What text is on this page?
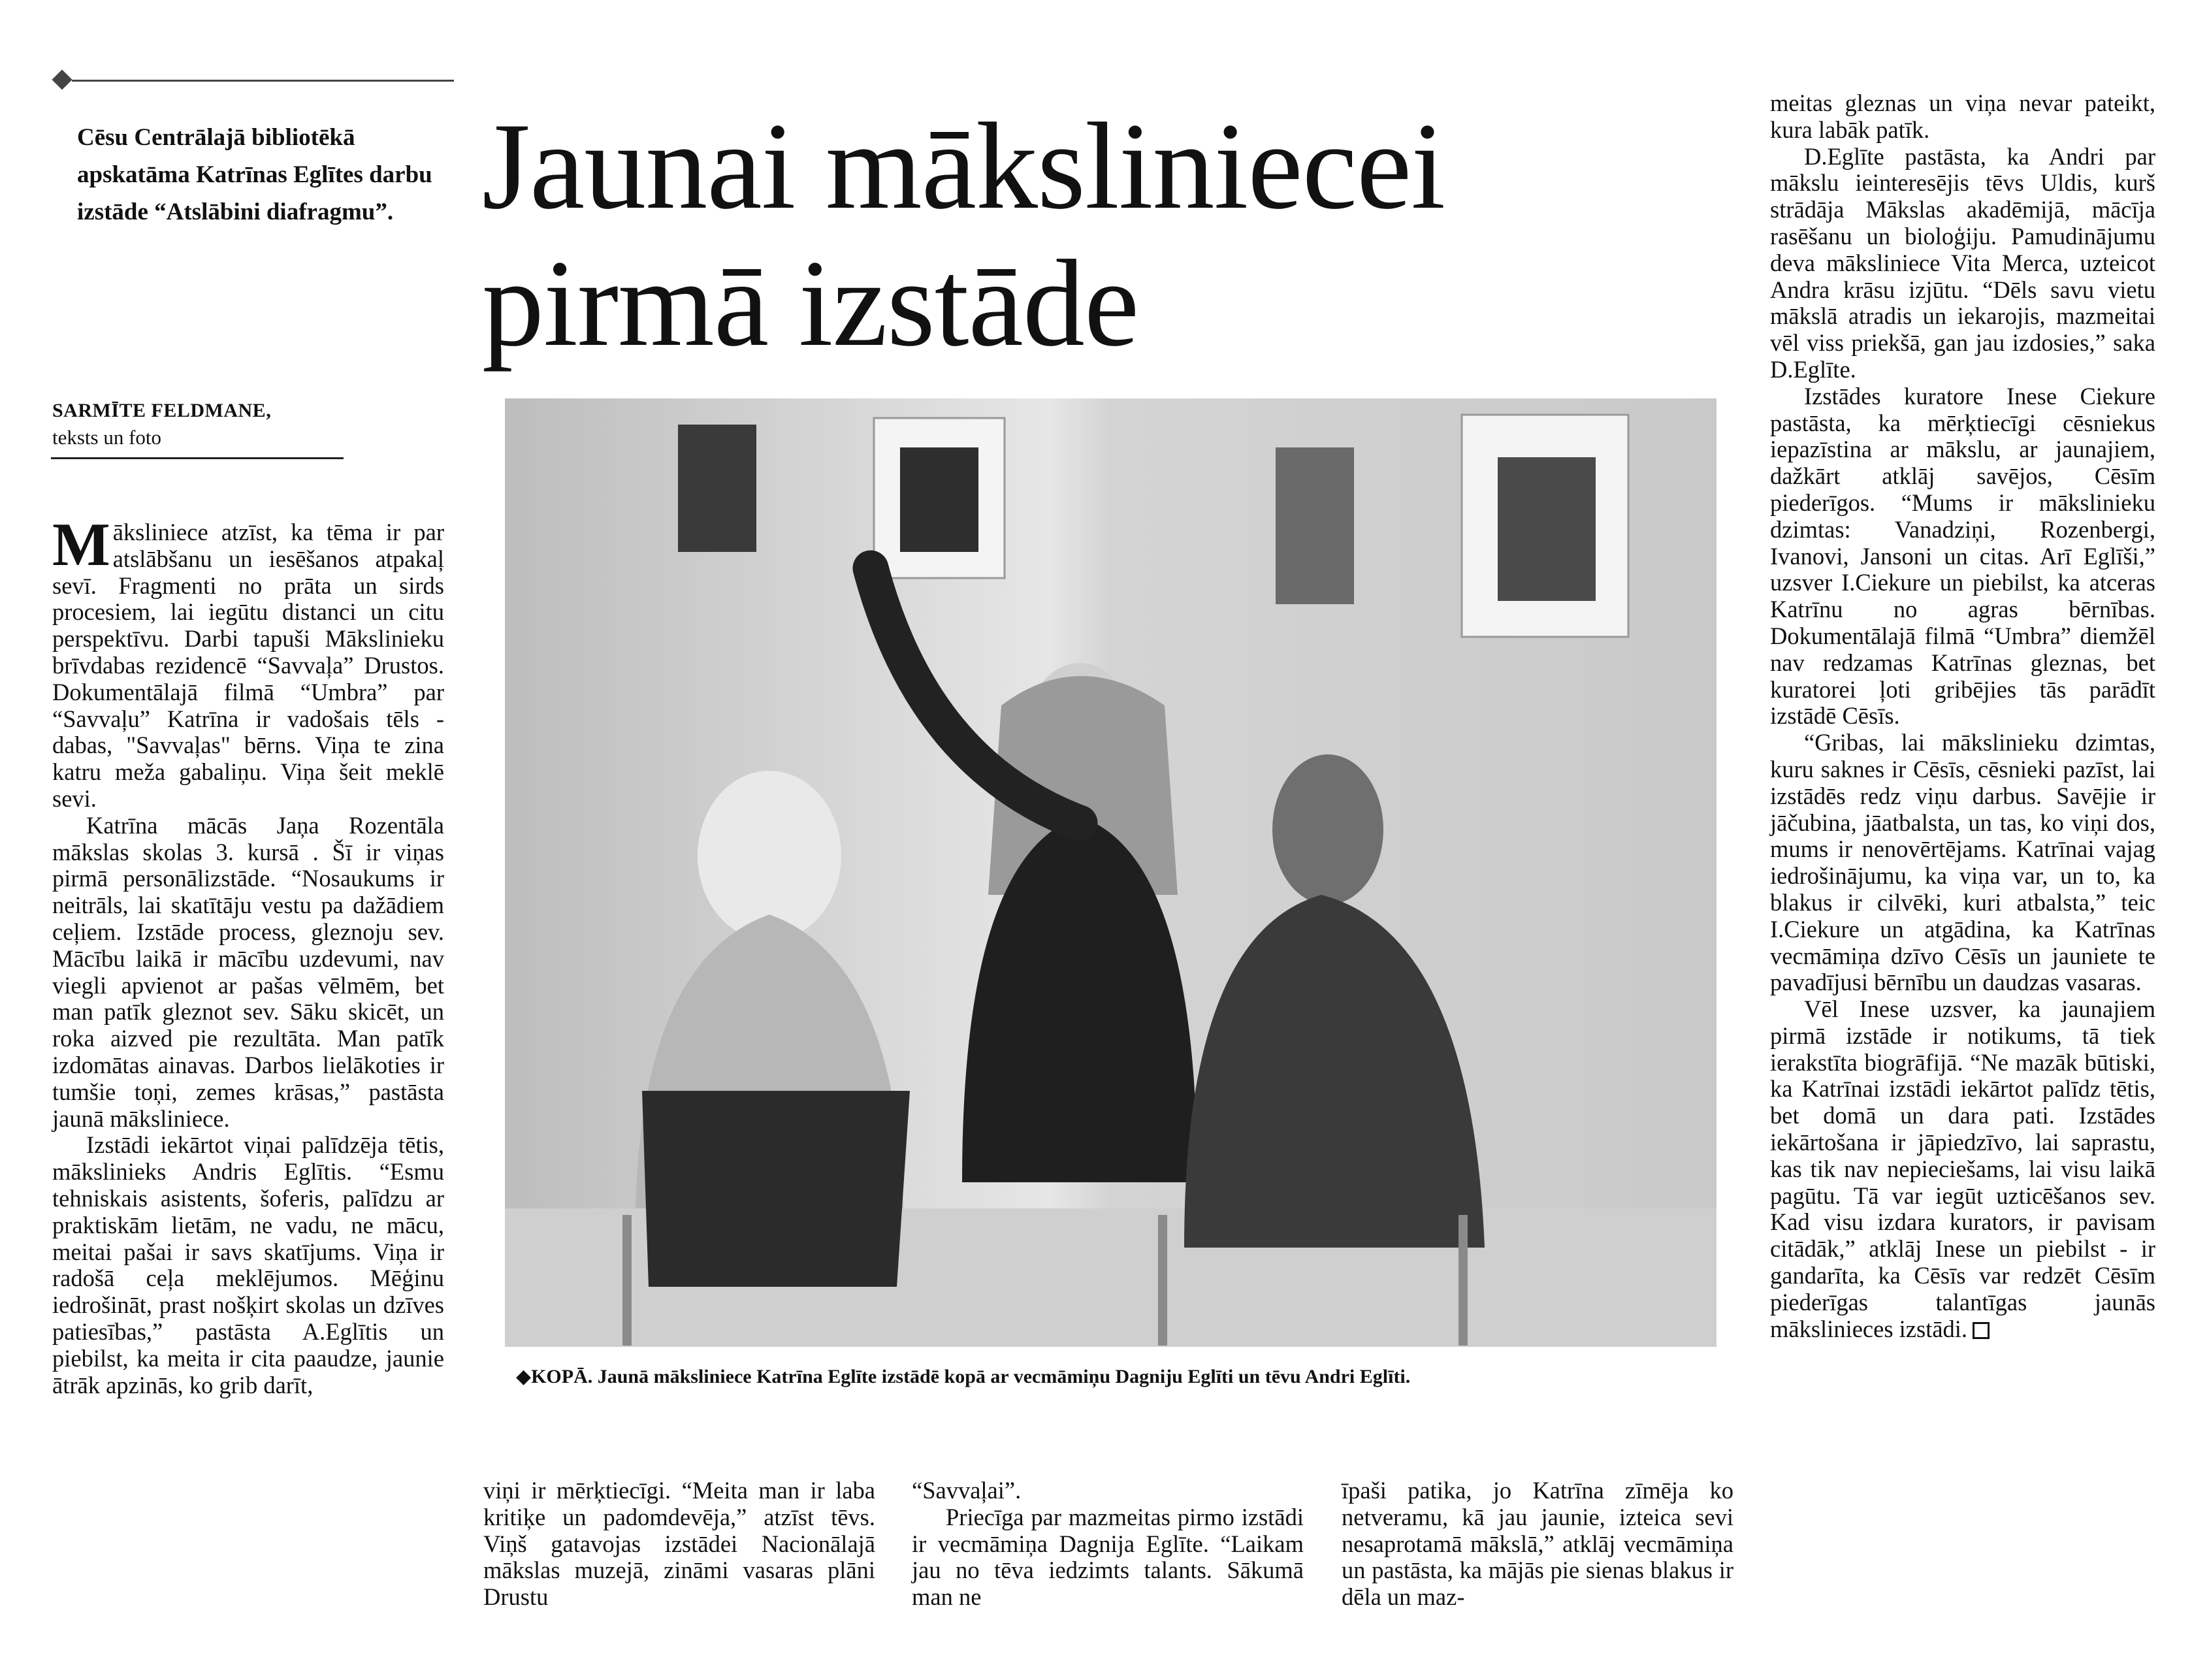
Cēsu Centrālajā bibliotēkā apskatāma Katrīnas Eglītes darbu izstāde “Atslābini diafragmu”.
SARMĪTE FELDMANE,
teksts un foto
Jaunai māksliniecei
pirmā izstāde
◆KOPĀ. Jaunā māksliniece Katrīna Eglīte izstādē kopā ar vecmāmiņu Dagniju Eglīti un tēvu Andri Eglīti.

Māksliniece atzīst, ka tēma ir par atslābšanu un iesēšanos atpakaļ sevī. Fragmenti no prāta un sirds procesiem, lai iegūtu distanci un citu perspektīvu. Darbi tapuši Mākslinieku brīvdabas rezidencē “Savvaļa” Drustos. Dokumentālajā filmā “Umbra” par “Savvaļu” Katrīna ir vadošais tēls - dabas, "Savvaļas" bērns. Viņa te zina katru meža gabaliņu. Viņa šeit meklē sevi.

Katrīna mācās Jaņa Rozentāla mākslas skolas 3. kursā . Šī ir viņas pirmā personālizstāde. “Nosaukums ir neitrāls, lai skatītāju vestu pa dažādiem ceļiem. Izstāde process, gleznoju sev. Mācību laikā ir mācību uzdevumi, nav viegli apvienot ar pašas vēlmēm, bet man patīk gleznot sev. Sāku skicēt, un roka aizved pie rezultāta. Man patīk izdomātas ainavas. Darbos lielākoties ir tumšie toņi, zemes krāsas,” pastāsta jaunā māksliniece.

Izstādi iekārtot viņai palīdzēja tētis, mākslinieks Andris Eglītis. “Esmu tehniskais asistents, šoferis, palīdzu ar praktiskām lietām, ne vadu, ne mācu, meitai pašai ir savs skatījums. Viņa ir radošā ceļa meklējumos. Mēģinu iedrošināt, prast nošķirt skolas un dzīves patiesības,” pastāsta A.Eglītis un piebilst, ka meita ir cita paaudze, jaunie ātrāk apzinās, ko grib darīt,

viņi ir mērķtiecīgi. “Meita man ir laba kritiķe un padomdevēja,” atzīst tēvs. Viņš gatavojas izstādei Nacionālajā mākslas muzejā, zināmi vasaras plāni Drustu

“Savvaļai”.

Priecīga par mazmeitas pirmo izstādi ir vecmāmiņa Dagnija Eglīte. “Laikam jau no tēva iedzimts talants. Sākumā man ne

īpaši patika, jo Katrīna zīmēja ko netveramu, kā jau jaunie, izteica sevi nesaprotamā mākslā,” atklāj vecmāmiņa un pastāsta, ka mājās pie sienas blakus ir dēla un maz-

meitas gleznas un viņa nevar pateikt, kura labāk patīk.

D.Eglīte pastāsta, ka Andri par mākslu ieinteresējis tēvs Uldis, kurš strādāja Mākslas akadēmijā, mācīja rasēšanu un bioloģiju. Pamudinājumu deva māksliniece Vita Merca, uzteicot Andra krāsu izjūtu. “Dēls savu vietu mākslā atradis un iekarojis, mazmeitai vēl viss priekšā, gan jau izdosies,” saka D.Eglīte.

Izstādes kuratore Inese Ciekure pastāsta, ka mērķtiecīgi cēsniekus iepazīstina ar mākslu, ar jaunajiem, dažkārt atklāj savējos, Cēsīm piederīgos. “Mums ir mākslinieku dzimtas: Vanadziņi, Rozenbergi, Ivanovi, Jansoni un citas. Arī Eglīši,” uzsver I.Ciekure un piebilst, ka atceras Katrīnu no agras bērnības. Dokumentālajā filmā “Umbra” diemžēl nav redzamas Katrīnas gleznas, bet kuratorei ļoti gribējies tās parādīt izstādē Cēsīs.

“Gribas, lai mākslinieku dzimtas, kuru saknes ir Cēsīs, cēsnieki pazīst, lai izstādēs redz viņu darbus. Savējie ir jāčubina, jāatbalsta, un tas, ko viņi dos, mums ir nenovērtējams. Katrīnai vajag iedrošinājumu, ka viņa var, un to, ka blakus ir cilvēki, kuri atbalsta,” teic I.Ciekure un atgādina, ka Katrīnas vecmāmiņa dzīvo Cēsīs un jauniete te pavadījusi bērnību un daudzas vasaras.

Vēl Inese uzsver, ka jaunajiem pirmā izstāde ir notikums, tā tiek ierakstīta biogrāfijā. “Ne mazāk būtiski, ka Katrīnai izstādi iekārtot palīdz tētis, bet domā un dara pati. Izstādes iekārtošana ir jāpiedzīvo, lai saprastu, kas tik nav nepieciešams, lai visu laikā pagūtu. Tā var iegūt uzticēšanos sev. Kad visu izdara kurators, ir pavisam citādāk,” atklāj Inese un piebilst - ir gandarīta, ka Cēsīs var redzēt Cēsīm piederīgas talantīgas jaunās mākslinieces izstādi.
